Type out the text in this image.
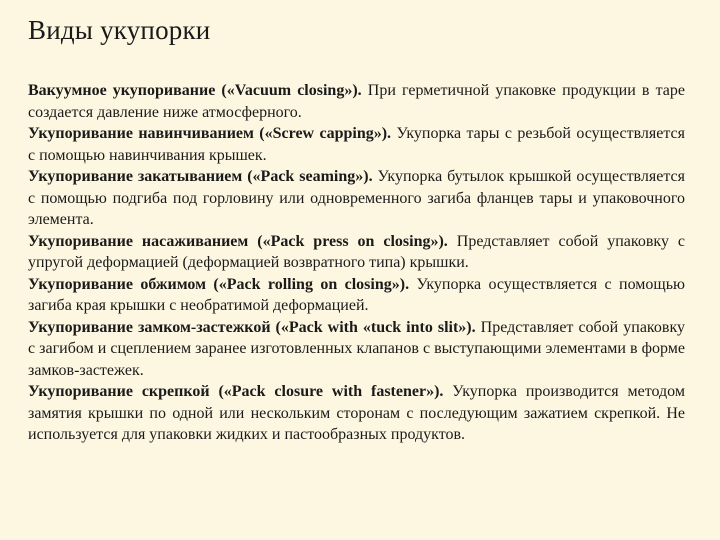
Виды укупорки

Вакуумное укупоривание («Vacuum closing»). При герметичной упаковке продукции в таре создается давление ниже атмосферного.

Укупоривание навинчиванием («Screw capping»). Укупорка тары с резьбой осуществляется с помощью навинчивания крышек.

Укупоривание закатыванием («Pack seaming»). Укупорка бутылок крышкой осуществляется с помощью подгиба под горловину или одновременного загиба фланцев тары и упаковочного элемента.

Укупоривание насаживанием («Pack press on closing»). Представляет собой упаковку с упругой деформацией (деформацией возвратного типа) крышки.

Укупоривание обжимом («Pack rolling on closing»). Укупорка осуществляется с помощью загиба края крышки с необратимой деформацией.

Укупоривание замком-застежкой («Pack with «tuck into slit»). Представляет собой упаковку с загибом и сцеплением заранее изготовленных клапанов с выступающими элементами в форме замков-застежек.

Укупоривание скрепкой («Pack closure with fastener»). Укупорка производится методом замятия крышки по одной или нескольким сторонам с последующим зажатием скрепкой. Не используется для упаковки жидких и пастообразных продуктов.
